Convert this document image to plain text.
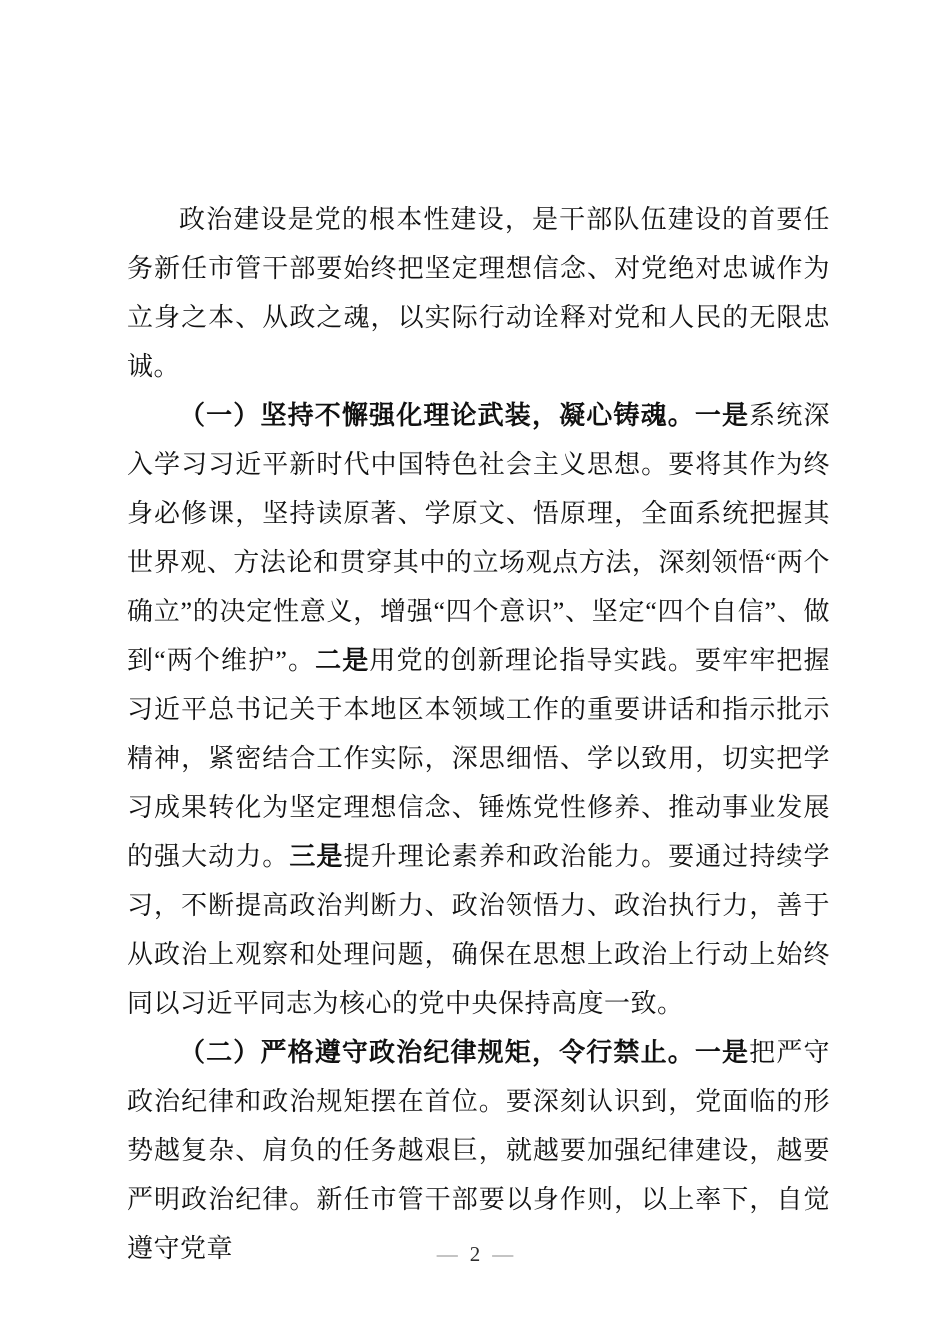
政治建设是党的根本性建设，是干部队伍建设的首要任务新任市管干部要始终把坚定理想信念、对党绝对忠诚作为立身之本、从政之魂，以实际行动诠释对党和人民的无限忠诚。

（一）坚持不懈强化理论武装，凝心铸魂。一是系统深入学习习近平新时代中国特色社会主义思想。要将其作为终身必修课，坚持读原著、学原文、悟原理，全面系统把握其世界观、方法论和贯穿其中的立场观点方法，深刻领悟“两个确立”的决定性意义，增强“四个意识”、坚定“四个自信”、做到“两个维护”。二是用党的创新理论指导实践。要牢牢把握习近平总书记关于本地区本领域工作的重要讲话和指示批示精神，紧密结合工作实际，深思细悟、学以致用，切实把学习成果转化为坚定理想信念、锤炼党性修养、推动事业发展的强大动力。三是提升理论素养和政治能力。要通过持续学习，不断提高政治判断力、政治领悟力、政治执行力，善于从政治上观察和处理问题，确保在思想上政治上行动上始终同以习近平同志为核心的党中央保持高度一致。

（二）严格遵守政治纪律规矩，令行禁止。一是把严守政治纪律和政治规矩摆在首位。要深刻认识到，党面临的形势越复杂、肩负的任务越艰巨，就越要加强纪律建设，越要严明政治纪律。新任市管干部要以身作则，以上率下，自觉遵守党章	— 2 —
